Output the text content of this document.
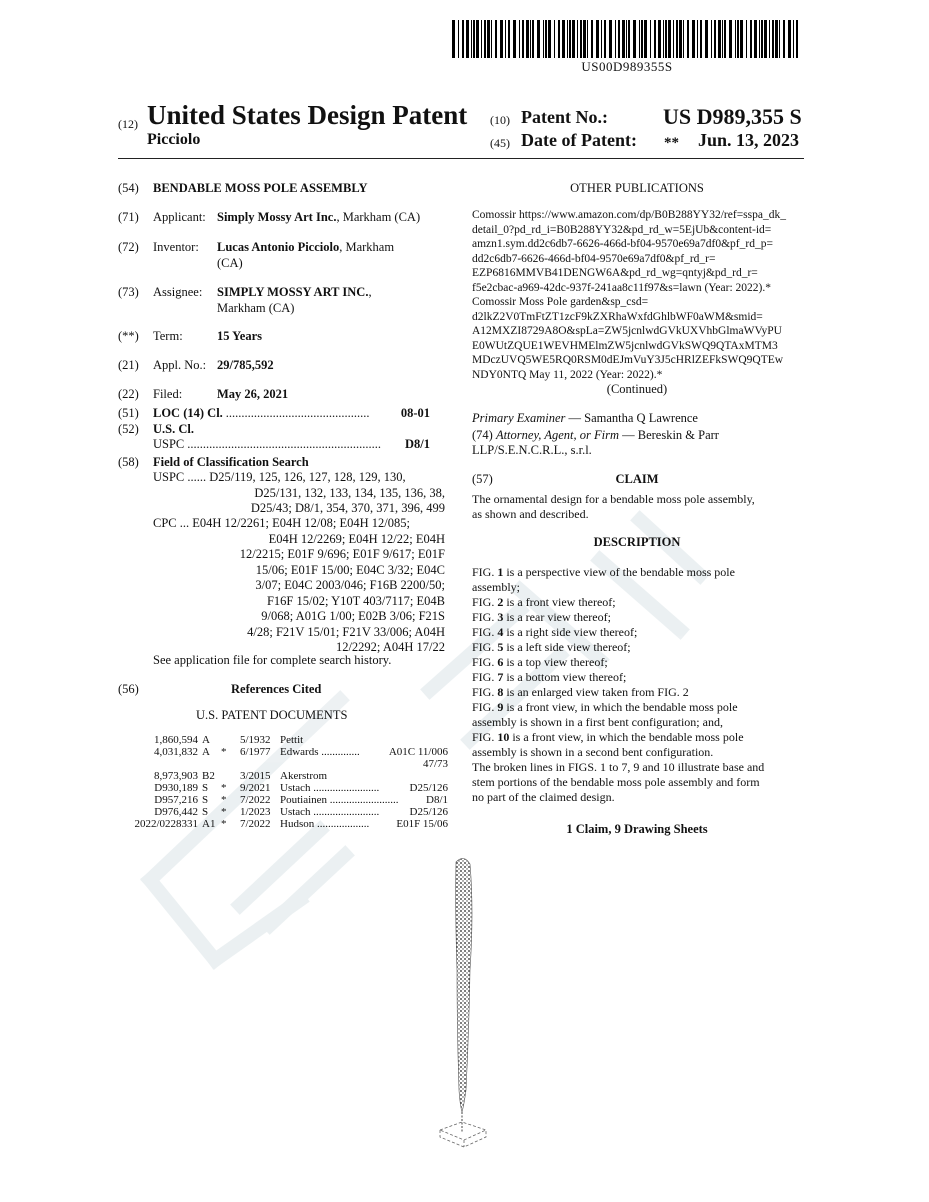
US00D989355S
(12) United States Design Patent
Picciolo
(10) Patent No.:	US D989,355 S
(45) Date of Patent: ** Jun. 13, 2023
(54) BENDABLE MOSS POLE ASSEMBLY
(71) Applicant: Simply Mossy Art Inc., Markham (CA)
(72) Inventor: Lucas Antonio Picciolo, Markham
(CA)
(73) Assignee: SIMPLY MOSSY ART INC.,
Markham (CA)
(**) Term:	15 Years
(21) Appl. No.: 29/785,592
(22) Filed:	May 26, 2021
(51) LOC (14) Cl. ..............................................	08-01
(52) U.S. Cl.
USPC ..............................................................	D8/1
(58) Field of Classification Search
USPC ...... D25/119, 125, 126, 127, 128, 129, 130,
D25/131, 132, 133, 134, 135, 136, 38,
D25/43; D8/1, 354, 370, 371, 396, 499
CPC ... E04H 12/2261; E04H 12/08; E04H 12/085;
E04H 12/2269; E04H 12/22; E04H
12/2215; E01F 9/696; E01F 9/617; E01F
15/06; E01F 15/00; E04C 3/32; E04C
3/07; E04C 2003/046; F16B 2200/50;
F16F 15/02; Y10T 403/7117; E04B
9/068; A01G 1/00; E02B 3/06; F21S
4/28; F21V 15/01; F21V 33/006; A04H
12/2292; A04H 17/22
See application file for complete search history.
(56)	References Cited
U.S. PATENT DOCUMENTS
1,860,594 A	5/1932 Pettit
4,031,832 A	* 6/1977 Edwards ..............	A01C 11/006
47/73
8,973,903 B2	3/2015 Akerstrom
D930,189 S	* 9/2021 Ustach ........................	D25/126
D957,216 S	* 7/2022 Poutiainen .........................	D8/1
D976,442 S	* 1/2023 Ustach ........................	D25/126
2022/0228331 A1 * 7/2022 Hudson ...................	E01F 15/06
OTHER PUBLICATIONS
Comossir https://www.amazon.com/dp/B0B288YY32/ref=sspa_dk_
detail_0?pd_rd_i=B0B288YY32&pd_rd_w=5EjUb&content-id=
amzn1.sym.dd2c6db7-6626-466d-bf04-9570e69a7df0&pf_rd_p=
dd2c6db7-6626-466d-bf04-9570e69a7df0&pf_rd_r=
EZP6816MMVB41DENGW6A&pd_rd_wg=qntyj&pd_rd_r=
f5e2cbac-a969-42dc-937f-241aa8c11f97&s=lawn (Year: 2022).*
Comossir Moss Pole garden&sp_csd=
d2lkZ2V0TmFtZT1zcF9kZXRhaWxfdGhlbWF0aWM&smid=
A12MXZI8729A8O&spLa=ZW5jcnlwdGVkUXVhbGlmaWVyPU
E0WUtZQUE1WEVHMElmZW5jcnlwdGVkSWQ9QTAxMTM3
MDczUVQ5WE5RQ0RSM0dEJmVuY3J5cHRlZEFkSWQ9QTEw
NDY0NTQ May 11, 2022 (Year: 2022).*
(Continued)
Primary Examiner — Samantha Q Lawrence
(74) Attorney, Agent, or Firm — Bereskin & Parr
LLP/S.E.N.C.R.L., s.r.l.
(57)	CLAIM
The ornamental design for a bendable moss pole assembly,
as shown and described.
DESCRIPTION
FIG. 1 is a perspective view of the bendable moss pole
assembly;
FIG. 2 is a front view thereof;
FIG. 3 is a rear view thereof;
FIG. 4 is a right side view thereof;
FIG. 5 is a left side view thereof;
FIG. 6 is a top view thereof;
FIG. 7 is a bottom view thereof;
FIG. 8 is an enlarged view taken from FIG. 2
FIG. 9 is a front view, in which the bendable moss pole
assembly is shown in a first bent configuration; and,
FIG. 10 is a front view, in which the bendable moss pole
assembly is shown in a second bent configuration.
The broken lines in FIGS. 1 to 7, 9 and 10 illustrate base and
stem portions of the bendable moss pole assembly and form
no part of the claimed design.
1 Claim, 9 Drawing Sheets
